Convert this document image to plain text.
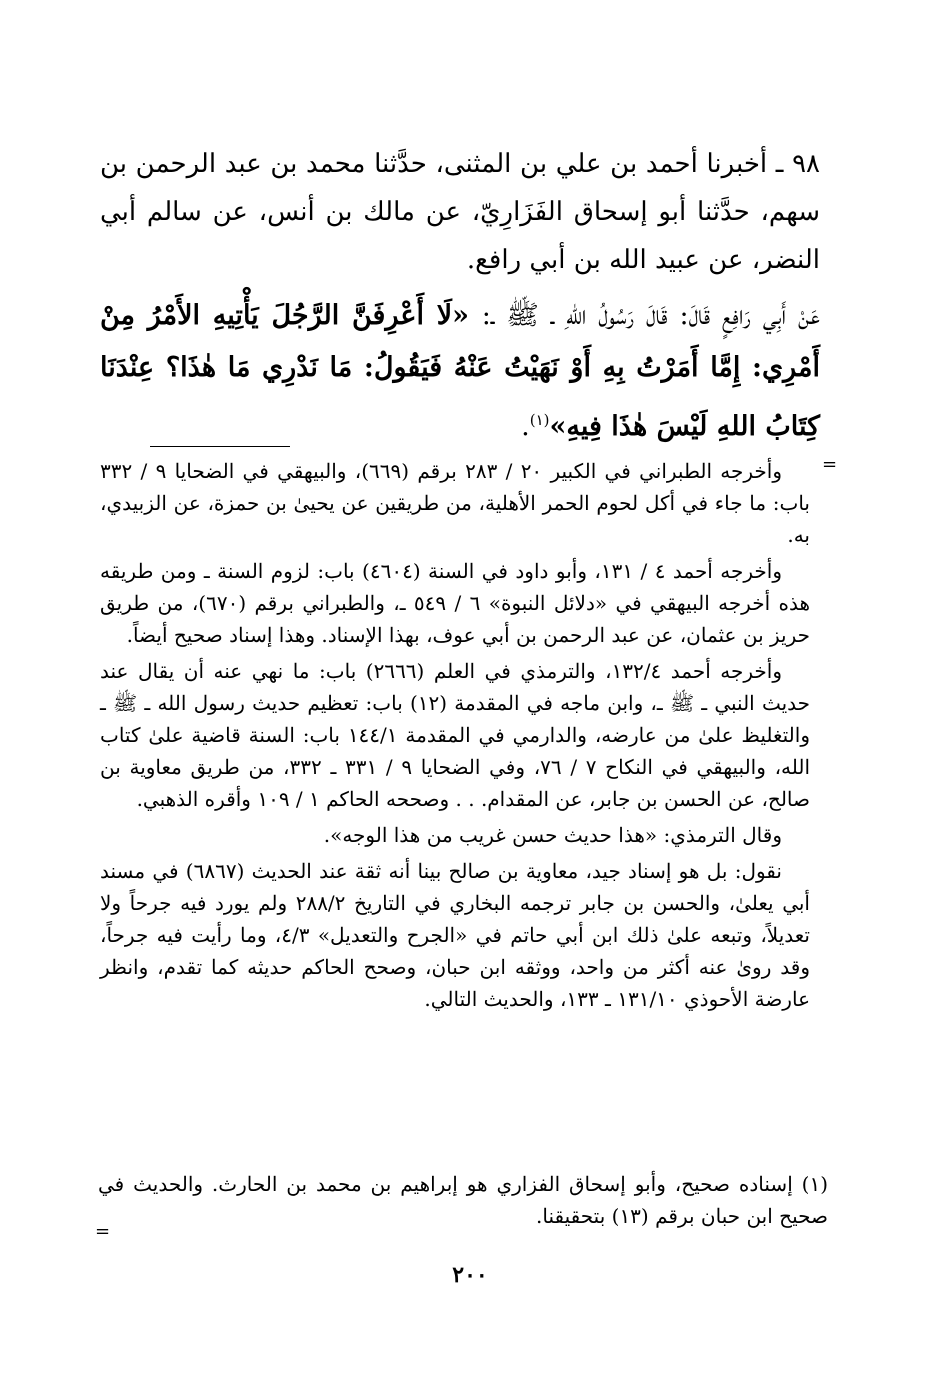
٩٨ ـ أخبرنا أحمد بن علي بن المثنى، حدَّثنا محمد بن عبد الرحمن بن سهم، حدَّثنا أبو إسحاق الفَزَارِيّ، عن مالك بن أنس، عن سالم أبي النضر، عن عبيد الله بن أبي رافع.

عَنْ أَبِي رَافِعٍ قَالَ: قَالَ رَسُولُ اللهِ ـ ﷺ ـ: «لَا أَعْرِفَنَّ الرَّجُلَ يَأْتِيهِ الأَمْرُ مِنْ أَمْرِي: إِمَّا أَمَرْتُ بِهِ أَوْ نَهَيْتُ عَنْهُ فَيَقُولُ: مَا نَدْرِي مَا هٰذَا؟ عِنْدَنَا كِتَابُ اللهِ لَيْسَ هٰذَا فِيهِ»$^{(١)}$.

=

وأخرجه الطبراني في الكبير ٢٠ / ٢٨٣ برقم (٦٦٩)، والبيهقي في الضحايا ٩ / ٣٣٢ باب: ما جاء في أكل لحوم الحمر الأهلية، من طريقين عن يحيىٰ بن حمزة، عن الزبيدي، به.

وأخرجه أحمد ٤ / ١٣١، وأبو داود في السنة (٤٦٠٤) باب: لزوم السنة ـ ومن طريقه هذه أخرجه البيهقي في «دلائل النبوة» ٦ / ٥٤٩ ـ، والطبراني برقم (٦٧٠)، من طريق حريز بن عثمان، عن عبد الرحمن بن أبي عوف، بهذا الإسناد. وهذا إسناد صحيح أيضاً.

وأخرجه أحمد ١٣٢/٤، والترمذي في العلم (٢٦٦٦) باب: ما نهي عنه أن يقال عند حديث النبي ـ ﷺ ـ، وابن ماجه في المقدمة (١٢) باب: تعظيم حديث رسول الله ـ ﷺ ـ والتغليظ علىٰ من عارضه، والدارمي في المقدمة ١٤٤/١ باب: السنة قاضية علىٰ كتاب الله، والبيهقي في النكاح ٧ / ٧٦، وفي الضحايا ٩ / ٣٣١ ـ ٣٣٢، من طريق معاوية بن صالح، عن الحسن بن جابر، عن المقدام. . . وصححه الحاكم ١ / ١٠٩ وأقره الذهبي.

وقال الترمذي: «هذا حديث حسن غريب من هذا الوجه».

نقول: بل هو إسناد جيد، معاوية بن صالح بينا أنه ثقة عند الحديث (٦٨٦٧) في مسند أبي يعلىٰ، والحسن بن جابر ترجمه البخاري في التاريخ ٢٨٨/٢ ولم يورد فيه جرحاً ولا تعديلاً، وتبعه علىٰ ذلك ابن أبي حاتم في «الجرح والتعديل» ٤/٣، وما رأيت فيه جرحاً، وقد روىٰ عنه أكثر من واحد، ووثقه ابن حبان، وصحح الحاكم حديثه كما تقدم، وانظر عارضة الأحوذي ١٣١/١٠ ـ ١٣٣، والحديث التالي.

(١) إسناده صحيح، وأبو إسحاق الفزاري هو إبراهيم بن محمد بن الحارث. والحديث في صحيح ابن حبان برقم (١٣) بتحقيقنا.

=
٢٠٠
